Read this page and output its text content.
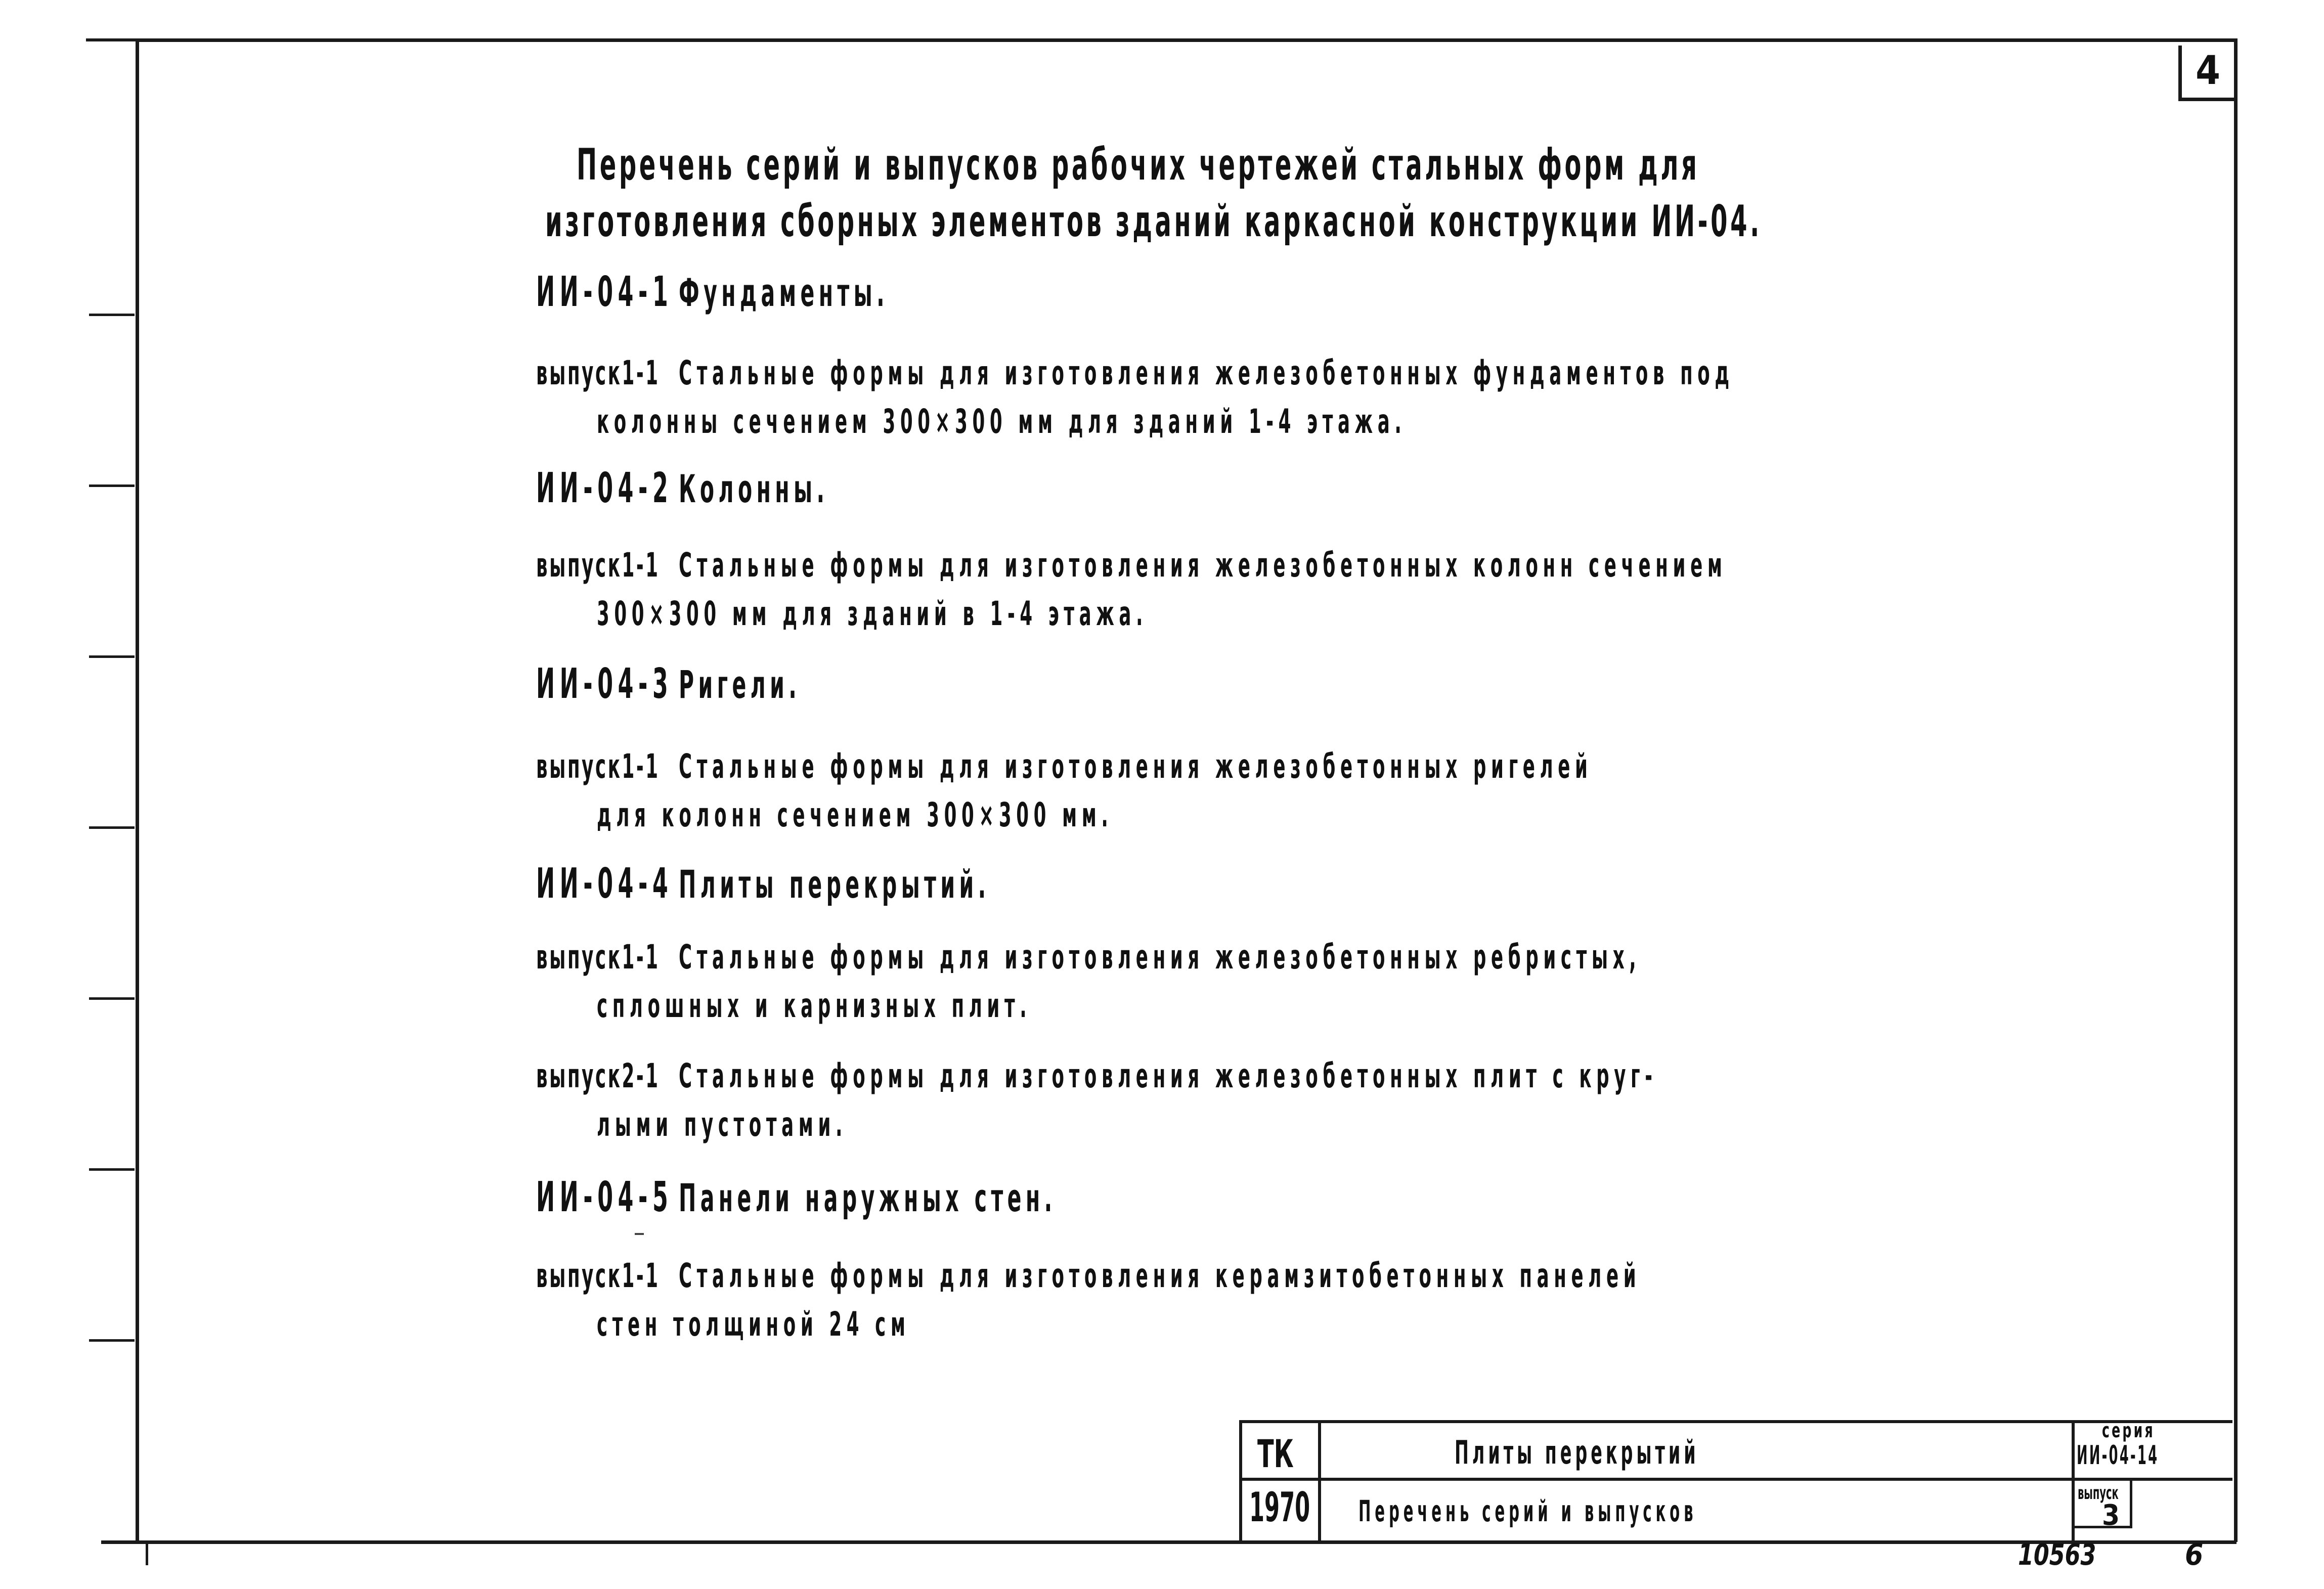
4
Перечень серий и выпусков рабочих чертежей стальных форм для
изготовления сборных элементов зданий каркасной конструкции ИИ-04.
ИИ-04-1 Фундаменты.
выпуск1-1 Стальные формы для изготовления железобетонных фундаментов под
колонны сечением 300×300 мм для зданий 1-4 этажа.
ИИ-04-2 Колонны.
выпуск1-1 Стальные формы для изготовления железобетонных колонн сечением
300×300 мм для зданий в 1-4 этажа.
ИИ-04-3 Ригели.
выпуск1-1 Стальные формы для изготовления железобетонных ригелей
для колонн сечением 300×300 мм.
ИИ-04-4 Плиты перекрытий.
выпуск1-1 Стальные формы для изготовления железобетонных ребристых,
сплошных и карнизных плит.
выпуск2-1 Стальные формы для изготовления железобетонных плит с круг-
лыми пустотами.
ИИ-04-5 Панели наружных стен.
выпуск1-1 Стальные формы для изготовления керамзитобетонных панелей
стен толщиной 24 см
ТК
1970
Плиты перекрытий
Перечень серий и выпусков
серия
ИИ-04-14
выпуск
3
10563	6
